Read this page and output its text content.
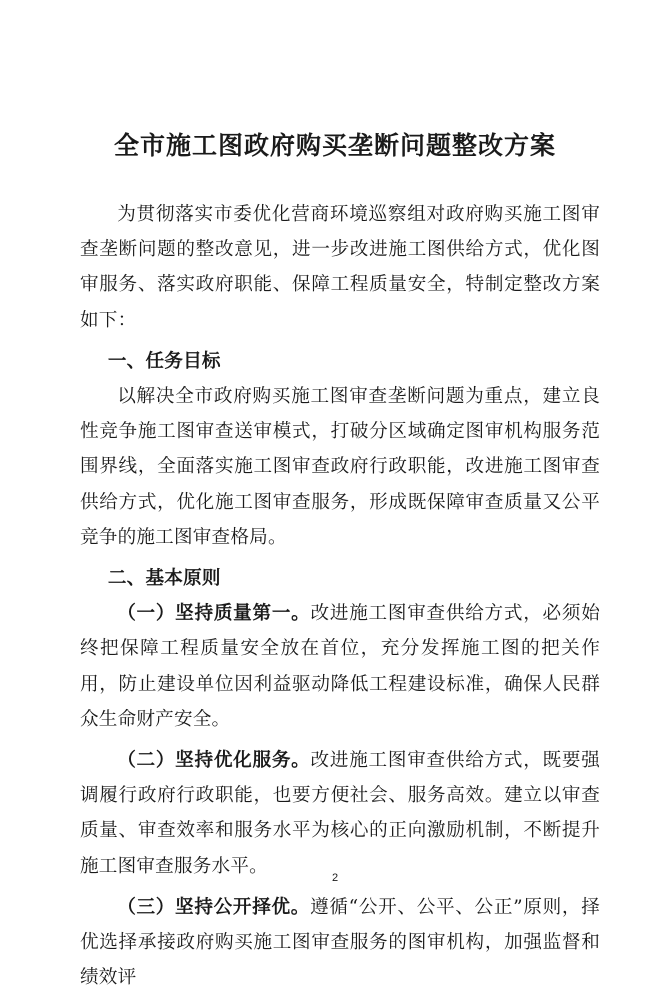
全市施工图政府购买垄断问题整改方案

为贯彻落实市委优化营商环境巡察组对政府购买施工图审查垄断问题的整改意见，进一步改进施工图供给方式，优化图审服务、落实政府职能、保障工程质量安全，特制定整改方案如下：

一、任务目标

以解决全市政府购买施工图审查垄断问题为重点，建立良性竞争施工图审查送审模式，打破分区域确定图审机构服务范围界线，全面落实施工图审查政府行政职能，改进施工图审查供给方式，优化施工图审查服务，形成既保障审查质量又公平竞争的施工图审查格局。

二、基本原则

（一）坚持质量第一。改进施工图审查供给方式，必须始终把保障工程质量安全放在首位，充分发挥施工图的把关作用，防止建设单位因利益驱动降低工程建设标准，确保人民群众生命财产安全。

（二）坚持优化服务。改进施工图审查供给方式，既要强调履行政府行政职能，也要方便社会、服务高效。建立以审查质量、审查效率和服务水平为核心的正向激励机制，不断提升施工图审查服务水平。

（三）坚持公开择优。遵循“公开、公平、公正”原则，择优选择承接政府购买施工图审查服务的图审机构，加强监督和绩效评

2
